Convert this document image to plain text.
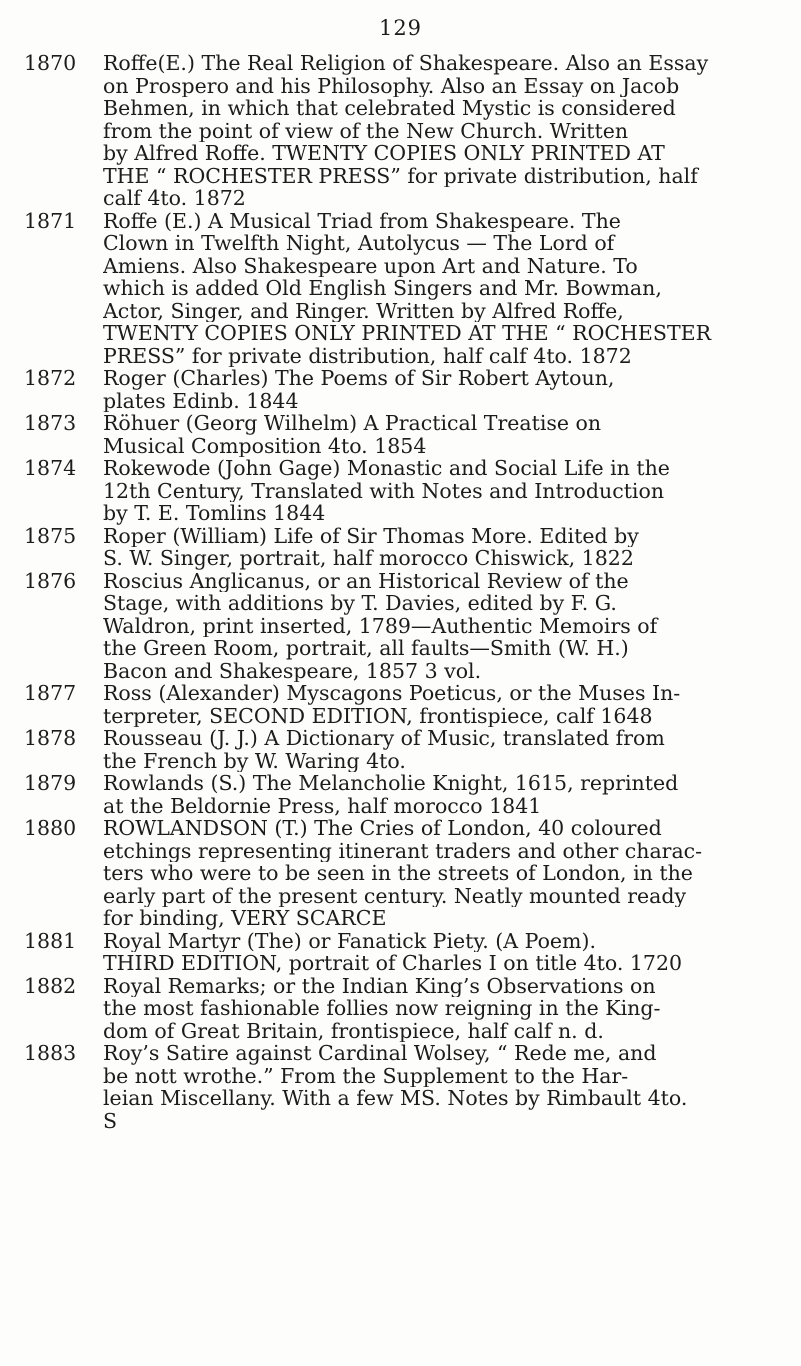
129
1870 Roffe(E.) The Real Religion of Shakespeare. Also an Essay
on Prospero and his Philosophy. Also an Essay on Jacob
Behmen, in which that celebrated Mystic is considered
from the point of view of the New Church. Written
by Alfred Roffe. TWENTY COPIES ONLY PRINTED AT
THE “ ROCHESTER PRESS” for private distribution, half
calf 4to. 1872
1871 Roffe (E.) A Musical Triad from Shakespeare. The
Clown in Twelfth Night, Autolycus — The Lord of
Amiens. Also Shakespeare upon Art and Nature. To
which is added Old English Singers and Mr. Bowman,
Actor, Singer, and Ringer. Written by Alfred Roffe,
TWENTY COPIES ONLY PRINTED AT THE “ ROCHESTER
PRESS” for private distribution, half calf 4to. 1872
1872 Roger (Charles) The Poems of Sir Robert Aytoun,
plates Edinb. 1844
1873 Röhuer (Georg Wilhelm) A Practical Treatise on
Musical Composition 4to. 1854
1874 Rokewode (John Gage) Monastic and Social Life in the
12th Century, Translated with Notes and Introduction
by T. E. Tomlins 1844
1875 Roper (William) Life of Sir Thomas More. Edited by
S. W. Singer, portrait, half morocco Chiswick, 1822
1876 Roscius Anglicanus, or an Historical Review of the
Stage, with additions by T. Davies, edited by F. G.
Waldron, print inserted, 1789—Authentic Memoirs of
the Green Room, portrait, all faults—Smith (W. H.)
Bacon and Shakespeare, 1857 3 vol.
1877 Ross (Alexander) Myscagons Poeticus, or the Muses In-
terpreter, SECOND EDITION, frontispiece, calf 1648
1878 Rousseau (J. J.) A Dictionary of Music, translated from
the French by W. Waring 4to.
1879 Rowlands (S.) The Melancholie Knight, 1615, reprinted
at the Beldornie Press, half morocco 1841
1880 ROWLANDSON (T.) The Cries of London, 40 coloured
etchings representing itinerant traders and other charac-
ters who were to be seen in the streets of London, in the
early part of the present century. Neatly mounted ready
for binding, VERY SCARCE
1881 Royal Martyr (The) or Fanatick Piety. (A Poem).
THIRD EDITION, portrait of Charles I on title 4to. 1720
1882 Royal Remarks; or the Indian King’s Observations on
the most fashionable follies now reigning in the King-
dom of Great Britain, frontispiece, half calf n. d.
1883 Roy’s Satire against Cardinal Wolsey, “ Rede me, and
be nott wrothe.” From the Supplement to the Har-
leian Miscellany. With a few MS. Notes by Rimbault 4to.
S
